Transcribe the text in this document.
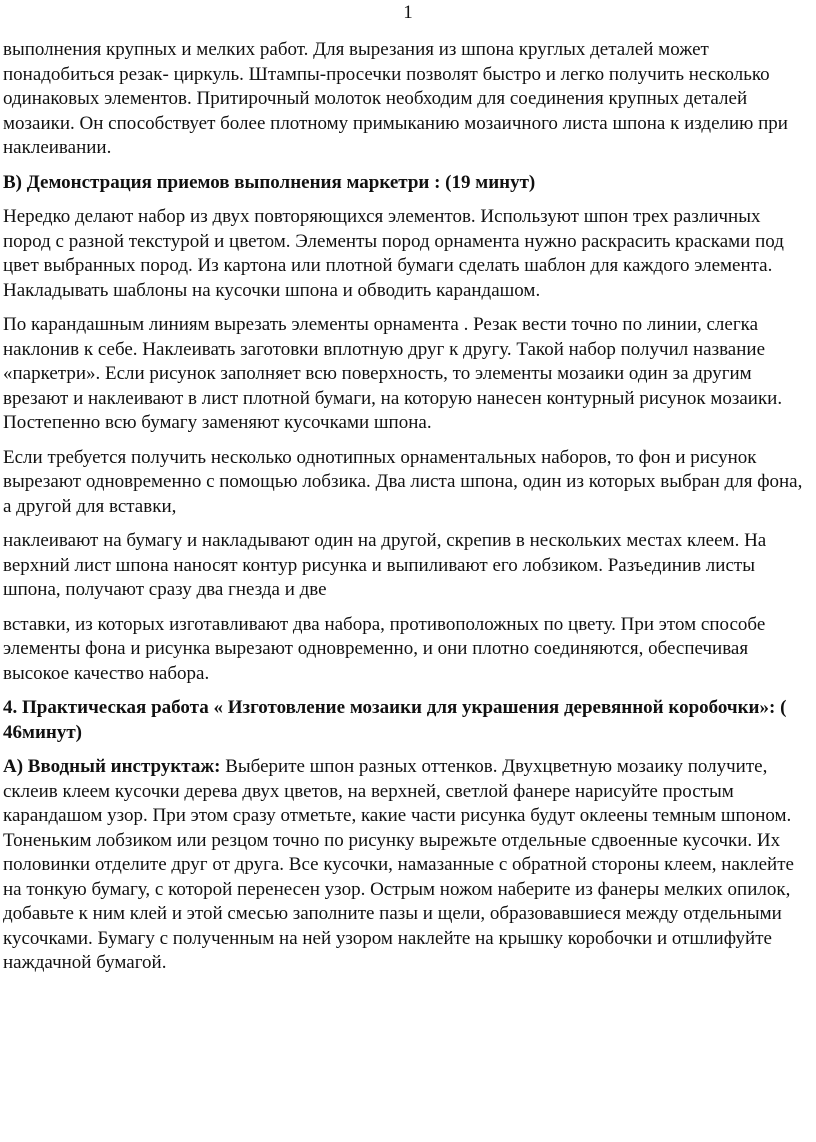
1

выполнения крупных и мелких работ. Для вырезания из шпона круглых деталей может понадобиться резак- циркуль. Штампы-просечки позволят быстро и легко получить несколько одинаковых элементов. Притирочный молоток необходим для соединения крупных деталей мозаики. Он способствует более плотному примыканию мозаичного листа шпона к изделию при наклеивании.

В) Демонстрация приемов выполнения маркетри : (19 минут)

Нередко делают набор из двух повторяющихся элементов. Используют шпон трех различных пород с разной текстурой и цветом. Элементы пород орнамента нужно раскрасить красками под цвет выбранных пород. Из картона или плотной бумаги сделать шаблон для каждого элемента. Накладывать шаблоны на кусочки шпона и обводить карандашом.

По карандашным линиям вырезать элементы орнамента . Резак вести точно по линии, слегка наклонив к себе. Наклеивать заготовки вплотную друг к другу. Такой набор получил название «паркетри». Если рисунок заполняет всю поверхность, то элементы мозаики один за другим врезают и наклеивают в лист плотной бумаги, на которую нанесен контурный рисунок мозаики. Постепенно всю бумагу заменяют кусочками шпона.

Если требуется получить несколько однотипных орнаментальных наборов, то фон и рисунок вырезают одновременно с помощью лобзика. Два листа шпона, один из которых выбран для фона, а другой для вставки,

наклеивают на бумагу и накладывают один на другой, скрепив в нескольких местах клеем. На верхний лист шпона наносят контур рисунка и выпиливают его лобзиком. Разъединив листы шпона, получают сразу два гнезда и две

вставки, из которых изготавливают два набора, противоположных по цвету. При этом способе элементы фона и рисунка вырезают одновременно, и они плотно соединяются, обеспечивая высокое качество набора.

4. Практическая работа « Изготовление мозаики для украшения деревянной коробочки»: ( 46минут)

А) Вводный инструктаж: Выберите шпон разных оттенков. Двухцветную мозаику получите, склеив клеем кусочки дерева двух цветов, на верхней, светлой фанере нарисуйте простым карандашом узор. При этом сразу отметьте, какие части рисунка будут оклеены темным шпоном. Тоненьким лобзиком или резцом точно по рисунку вырежьте отдельные сдвоенные кусочки. Их половинки отделите друг от друга. Все кусочки, намазанные с обратной стороны клеем, наклейте на тонкую бумагу, с которой перенесен узор. Острым ножом наберите из фанеры мелких опилок, добавьте к ним клей и этой смесью заполните пазы и щели, образовавшиеся между отдельными кусочками. Бумагу с полученным на ней узором наклейте на крышку коробочки и отшлифуйте наждачной бумагой.
